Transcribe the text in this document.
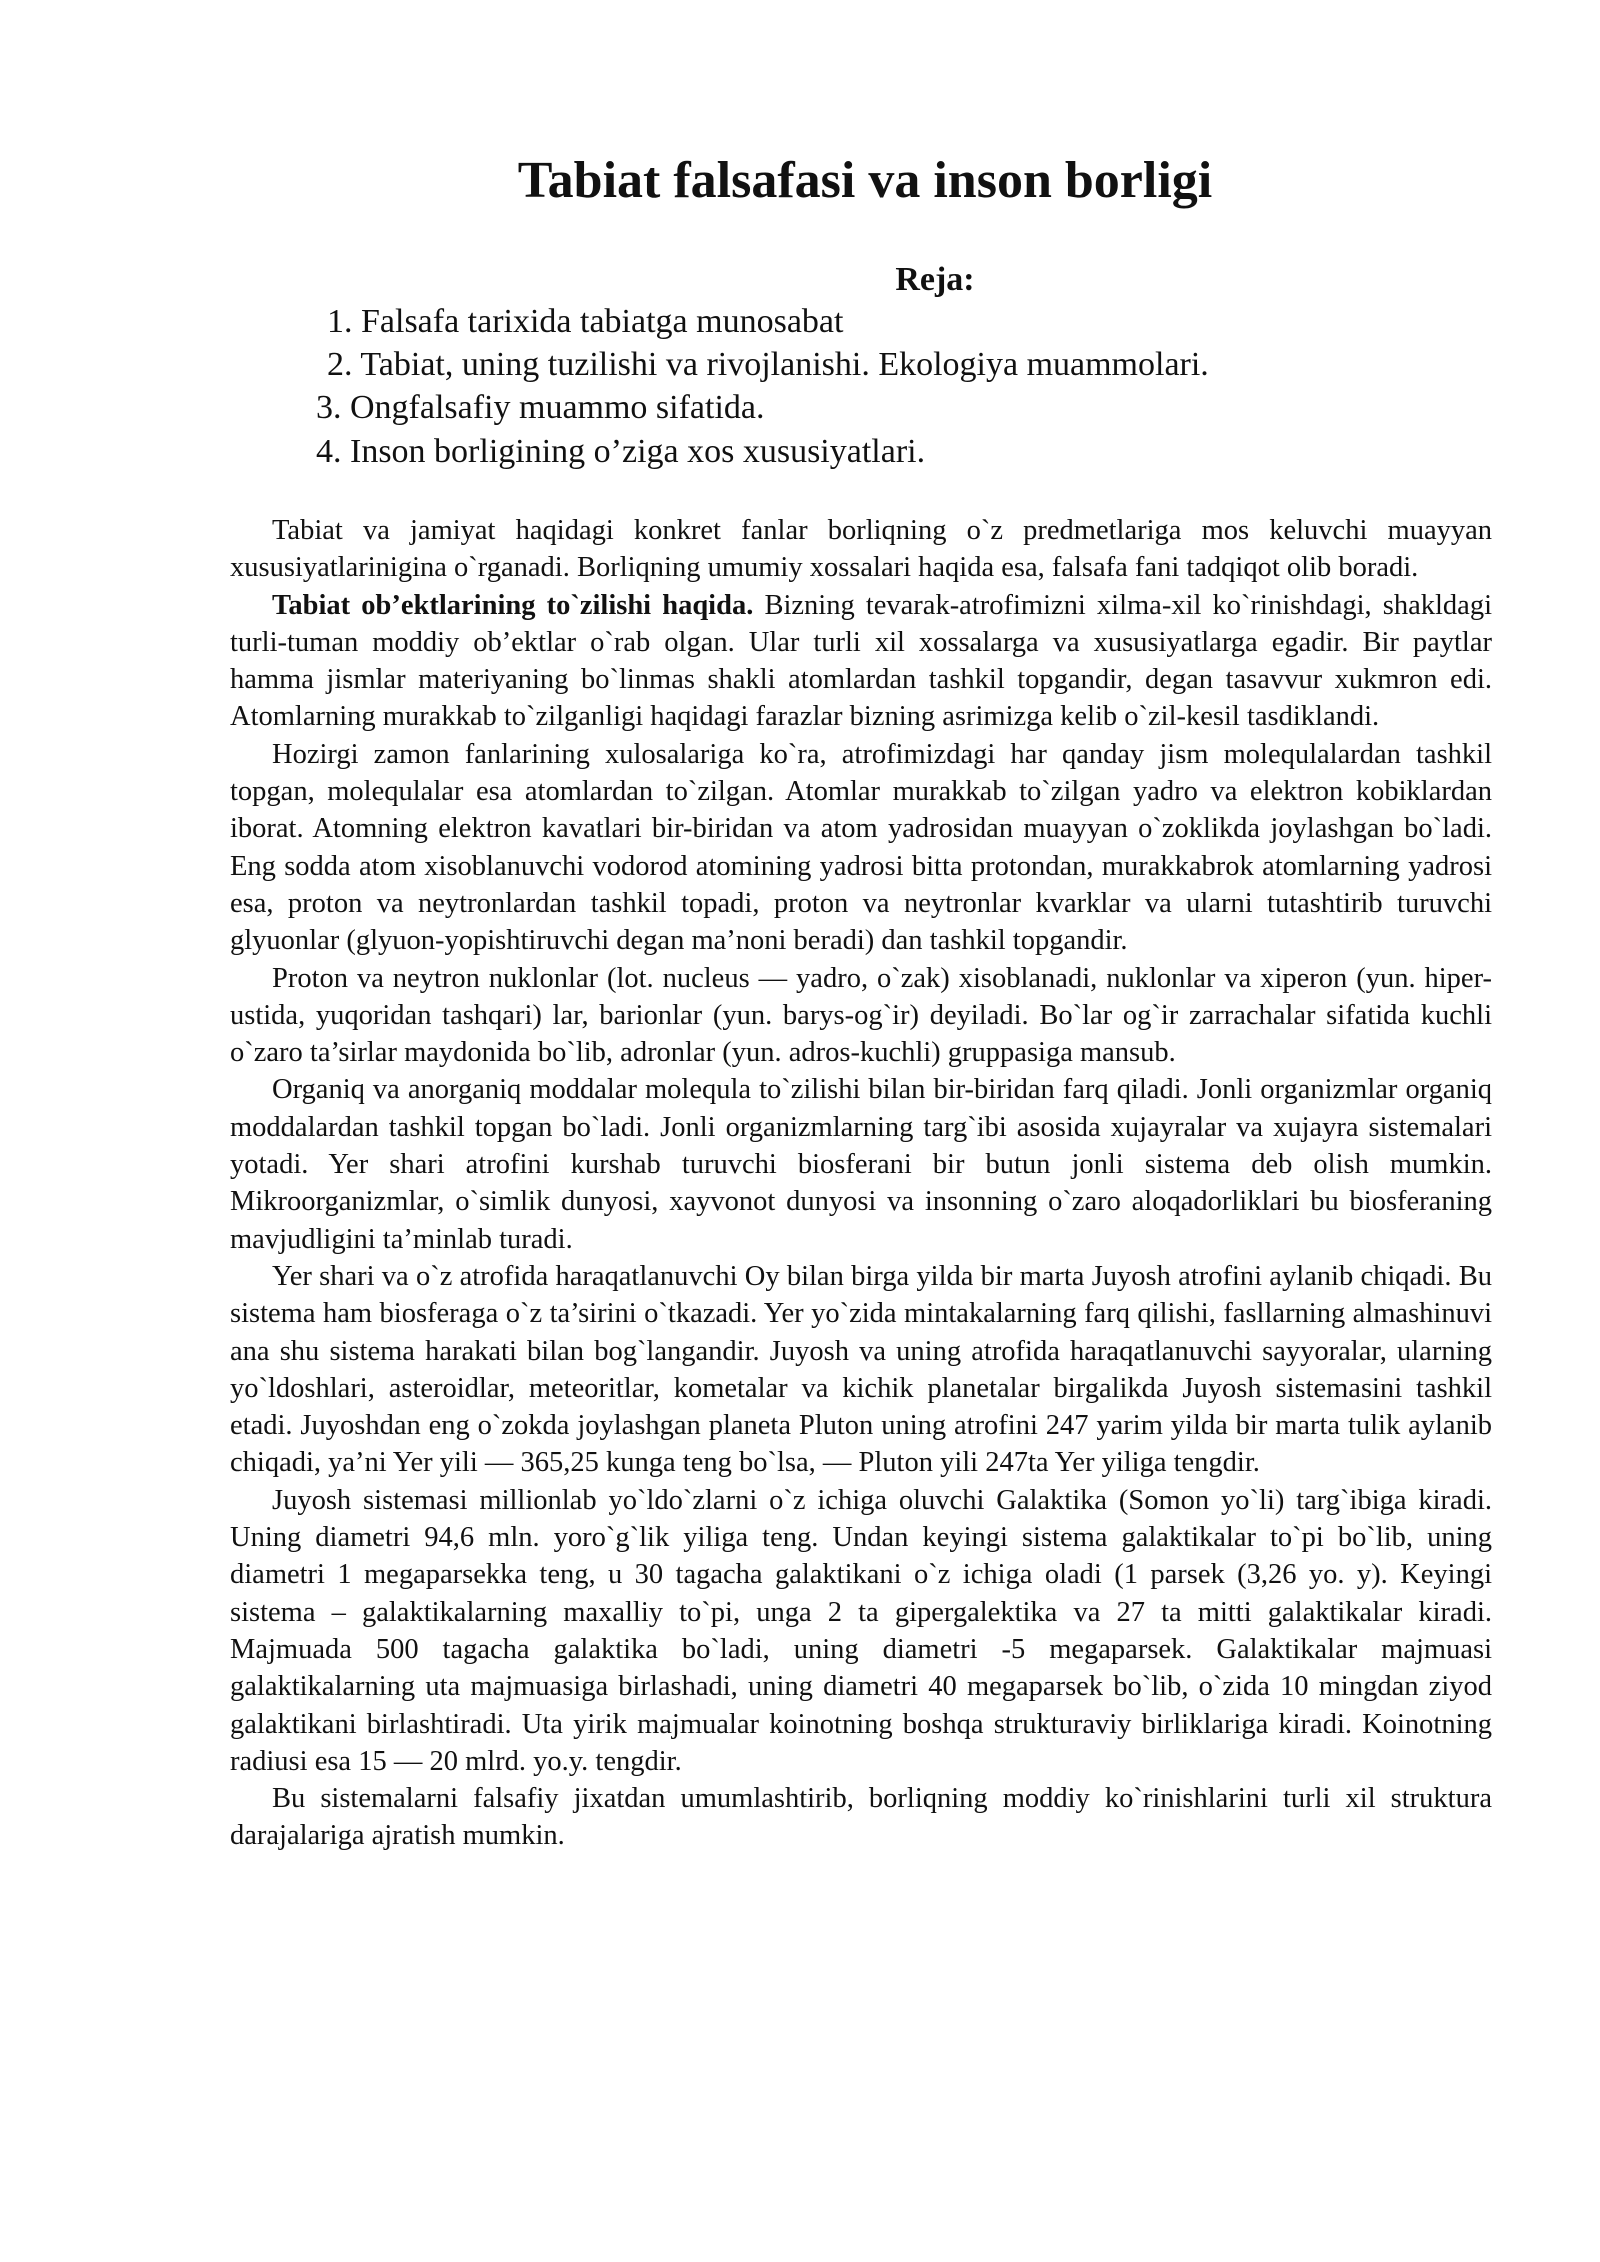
Tabiat falsafasi va inson borligi
Reja:
1. Falsafa tarixida tabiatga munosabat
2. Tabiat, uning tuzilishi va rivojlanishi. Ekologiya muammolari.
3. Ongfalsafiy muammo sifatida.
4. Inson borligining o’ziga xos xususiyatlari.

Tabiat va jamiyat haqidagi konkret fanlar borliqning o`z predmetlariga mos keluvchi muayyan xususiyatlarinigina o`rganadi. Borliqning umumiy xossalari haqida esa, falsafa fani tadqiqot olib boradi.

Tabiat ob’ektlarining to`zilishi haqida. Bizning tevarak-atrofimizni xilma-xil ko`rinishdagi, shakldagi turli-tuman moddiy ob’ektlar o`rab olgan. Ular turli xil xossalarga va xususiyatlarga egadir. Bir paytlar hamma jismlar materiyaning bo`linmas shakli atomlardan tashkil topgandir, degan tasavvur xukmron edi. Atomlarning murakkab to`zilganligi haqidagi farazlar bizning asrimizga kelib o`zil-kesil tasdiklandi.

Hozirgi zamon fanlarining xulosalariga ko`ra, atrofimizdagi har qanday jism molequlalardan tashkil topgan, molequlalar esa atomlardan to`zilgan. Atomlar murakkab to`zilgan yadro va elektron kobiklardan iborat. Atomning elektron kavatlari bir-biridan va atom yadrosidan muayyan o`zoklikda joylashgan bo`ladi. Eng sodda atom xisoblanuvchi vodorod atomining yadrosi bitta protondan, murakkabrok atomlarning yadrosi esa, proton va neytronlardan tashkil topadi, proton va neytronlar kvarklar va ularni tutashtirib turuvchi glyuonlar (glyuon-yopishtiruvchi degan ma’noni beradi) dan tashkil topgandir.

Proton va neytron nuklonlar (lot. nucleus — yadro, o`zak) xisoblanadi, nuklonlar va xiperon (yun. hiper-ustida, yuqoridan tashqari) lar, barionlar (yun. barys-og`ir) deyiladi. Bo`lar og`ir zarrachalar sifatida kuchli o`zaro ta’sirlar maydonida bo`lib, adronlar (yun. adros-kuchli) gruppasiga mansub.

Organiq va anorganiq moddalar molequla to`zilishi bilan bir-biridan farq qiladi. Jonli organizmlar organiq moddalardan tashkil topgan bo`ladi. Jonli organizmlarning targ`ibi asosida xujayralar va xujayra sistemalari yotadi. Yer shari atrofini kurshab turuvchi biosferani bir butun jonli sistema deb olish mumkin. Mikroorganizmlar, o`simlik dunyosi, xayvonot dunyosi va insonning o`zaro aloqadorliklari bu biosferaning mavjudligini ta’minlab turadi.

Yer shari va o`z atrofida haraqatlanuvchi Oy bilan birga yilda bir marta Juyosh atrofini aylanib chiqadi. Bu sistema ham biosferaga o`z ta’sirini o`tkazadi. Yer yo`zida mintakalarning farq qilishi, fasllarning almashinuvi ana shu sistema harakati bilan bog`langandir. Juyosh va uning atrofida haraqatlanuvchi sayyoralar, ularning yo`ldoshlari, asteroidlar, meteoritlar, kometalar va kichik planetalar birgalikda Juyosh sistemasini tashkil etadi. Juyoshdan eng o`zokda joylashgan planeta Pluton uning atrofini 247 yarim yilda bir marta tulik aylanib chiqadi, ya’ni Yer yili — 365,25 kunga teng bo`lsa, — Pluton yili 247ta Yer yiliga tengdir.

Juyosh sistemasi millionlab yo`ldo`zlarni o`z ichiga oluvchi Galaktika (Somon yo`li) targ`ibiga kiradi. Uning diametri 94,6 mln. yoro`g`lik yiliga teng. Undan keyingi sistema galaktikalar to`pi bo`lib, uning diametri 1 megaparsekka teng, u 30 tagacha galaktikani o`z ichiga oladi (1 parsek (3,26 yo. y). Keyingi sistema – galaktikalarning maxalliy to`pi, unga 2 ta gipergalektika va 27 ta mitti galaktikalar kiradi. Majmuada 500 tagacha galaktika bo`ladi, uning diametri -5 megaparsek. Galaktikalar majmuasi galaktikalarning uta majmuasiga birlashadi, uning diametri 40 megaparsek bo`lib, o`zida 10 mingdan ziyod galaktikani birlashtiradi. Uta yirik majmualar koinotning boshqa strukturaviy birliklariga kiradi. Koinotning radiusi esa 15 — 20 mlrd. yo.y. tengdir.

Bu sistemalarni falsafiy jixatdan umumlashtirib, borliqning moddiy ko`rinishlarini turli xil struktura darajalariga ajratish mumkin.
